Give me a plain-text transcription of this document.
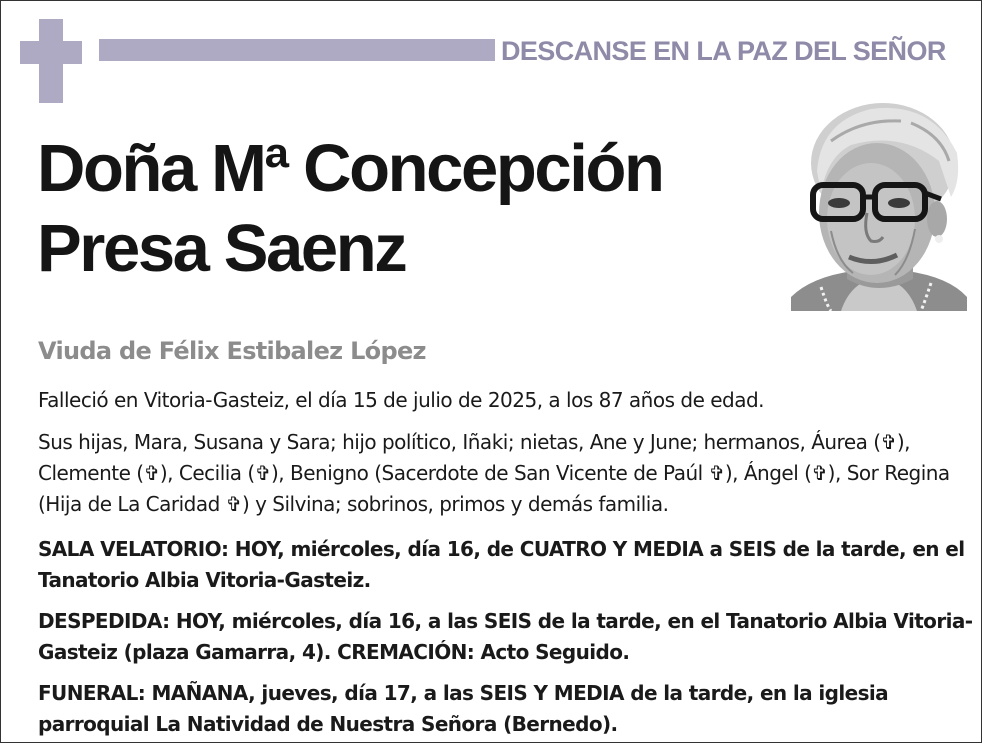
DESCANSE EN LA PAZ DEL SEÑOR
Doña Mª Concepción
Presa Saenz
Viuda de Félix Estibalez López
Falleció en Vitoria-Gasteiz, el día 15 de julio de 2025, a los 87 años de edad.
Sus hijas, Mara, Susana y Sara; hijo político, Iñaki; nietas, Ane y June; hermanos, Áurea (✞), Clemente (✞), Cecilia (✞), Benigno (Sacerdote de San Vicente de Paúl ✞), Ángel (✞), Sor Regina (Hija de La Caridad ✞) y Silvina; sobrinos, primos y demás familia.
SALA VELATORIO: HOY, miércoles, día 16, de CUATRO Y MEDIA a SEIS de la tarde, en el Tanatorio Albia Vitoria-Gasteiz.
DESPEDIDA: HOY, miércoles, día 16, a las SEIS de la tarde, en el Tanatorio Albia Vitoria-Gasteiz (plaza Gamarra, 4). CREMACIÓN: Acto Seguido.
FUNERAL: MAÑANA, jueves, día 17, a las SEIS Y MEDIA de la tarde, en la iglesia parroquial La Natividad de Nuestra Señora (Bernedo).
